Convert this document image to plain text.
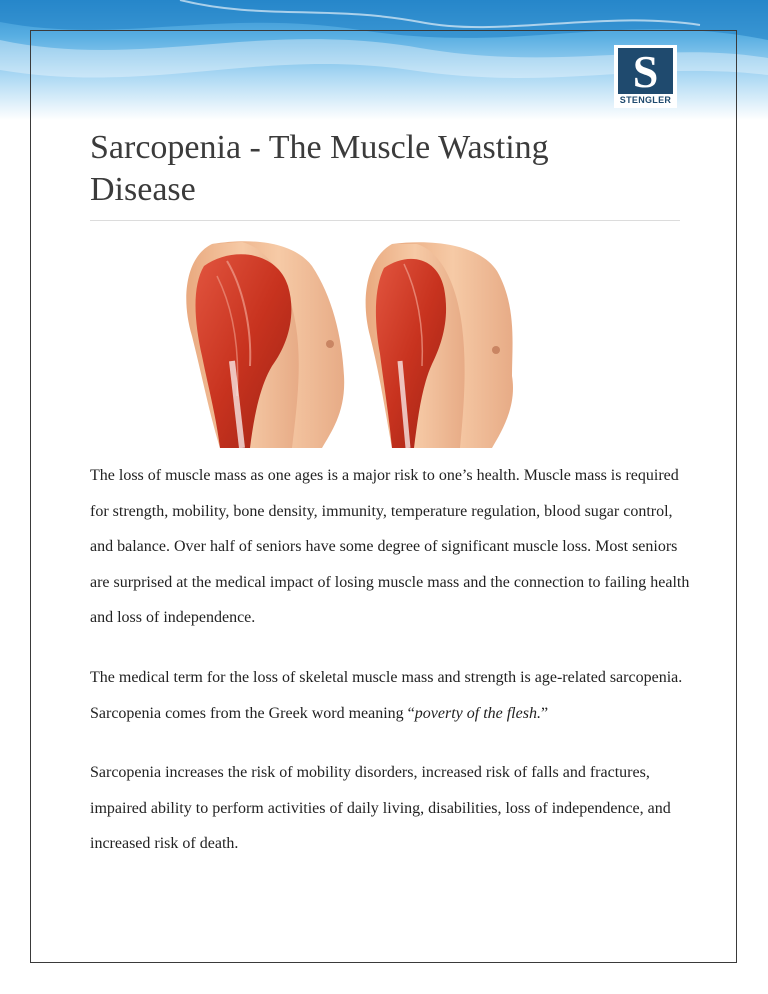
S
STENGLER
Sarcopenia - The Muscle Wasting Disease

The loss of muscle mass as one ages is a major risk to one’s health. Muscle mass is required for strength, mobility, bone density, immunity, temperature regulation, blood sugar control, and balance. Over half of seniors have some degree of significant muscle loss. Most seniors are surprised at the medical impact of losing muscle mass and the connection to failing health and loss of independence.

The medical term for the loss of skeletal muscle mass and strength is age-related sarcopenia. Sarcopenia comes from the Greek word meaning “poverty of the flesh.”

Sarcopenia increases the risk of mobility disorders, increased risk of falls and fractures, impaired ability to perform activities of daily living, disabilities, loss of independence, and increased risk of death.
